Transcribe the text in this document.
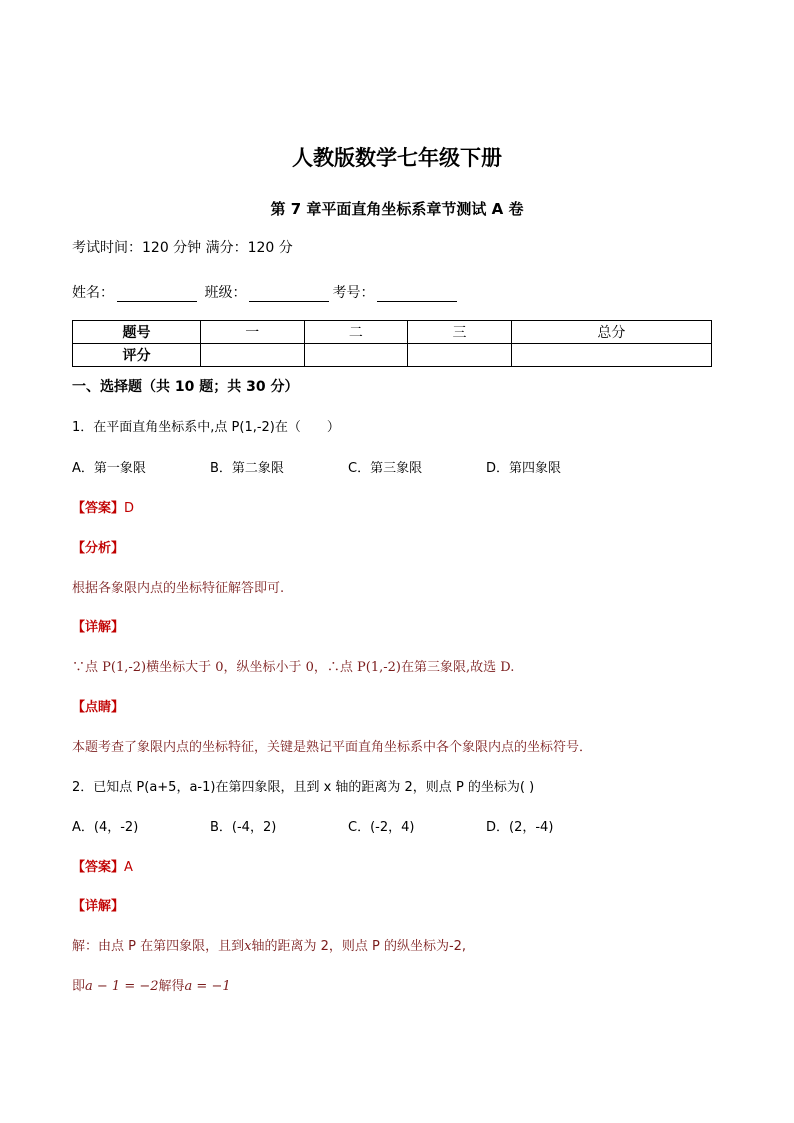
人教版数学七年级下册
第 7 章平面直角坐标系章节测试 A 卷
考试时间：120 分钟 满分：120 分
姓名：	班级：	考号：
题号	一	二	三	总分
评分				
一、选择题（共 10 题；共 30 分）
1．在平面直角坐标系中,点 P(1,-2)在（　　）
A．第一象限	B．第二象限	C．第三象限	D．第四象限
【答案】D
【分析】
根据各象限内点的坐标特征解答即可.
【详解】
∵点 P(1,-2)横坐标大于 0，纵坐标小于 0，∴点 P(1,-2)在第三象限,故选 D.
【点睛】
本题考查了象限内点的坐标特征，关键是熟记平面直角坐标系中各个象限内点的坐标符号．
2．已知点 P(a+5，a-1)在第四象限，且到 x 轴的距离为 2，则点 P 的坐标为( )
A．(4，-2)	B．(-4，2)	C．(-2，4)	D．(2，-4)
【答案】A
【详解】
解：由点 P 在第四象限，且到x轴的距离为 2，则点 P 的纵坐标为-2,
即a − 1 = −2解得a = −1
